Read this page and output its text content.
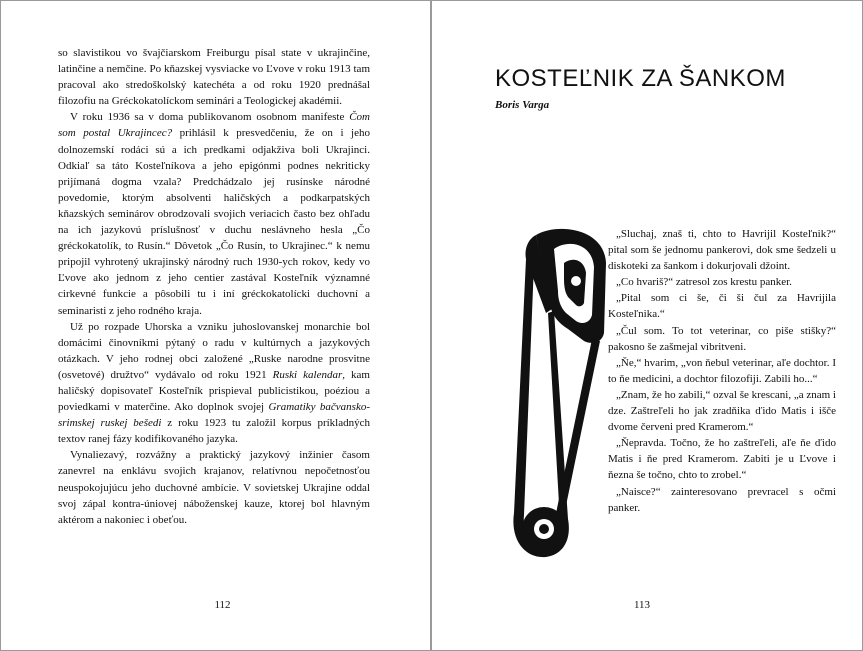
so slavistikou vo švajčiarskom Freiburgu písal state v ukrajinčine, latinčine a nemčine. Po kňazskej vysviacke vo Ľvove v roku 1913 tam pracoval ako stredoškolský katechéta a od roku 1920 prednášal filozofiu na Gréckokatolíckom seminári a Teologickej akadémii.

V roku 1936 sa v doma publikovanom osobnom manifeste Čom som postal Ukrajincec? prihlásil k presvedčeniu, že on i jeho dolnozemskí rodáci sú a ich predkami odjakživa boli Ukrajinci. Odkiaľ sa táto Kosteľníkova a jeho epigónmi podnes nekriticky prijímaná dogma vzala? Predchádzalo jej rusínske národné povedomie, ktorým absolventi haličských a podkarpatských kňazských seminárov obrodzovali svojich veriacich často bez ohľadu na ich jazykovú príslušnosť v duchu neslávneho hesla „Čo gréckokatolík, to Rusín.“ Dôvetok „Čo Rusín, to Ukrajinec.“ k nemu pripojil vyhrotený ukrajinský národný ruch 1930-ych rokov, kedy vo Ľvove ako jednom z jeho centier zastával Kosteľník významné cirkevné funkcie a pôsobili tu i iní gréckokatolícki duchovní a seminaristi z jeho rodného kraja.

Už po rozpade Uhorska a vzniku juhoslovanskej monarchie bol domácimi činovníkmi pýtaný o radu v kultúrnych a jazykových otázkach. V jeho rodnej obci založené „Ruske narodne prosvitne (osvetové) družtvo“ vydávalo od roku 1921 Ruski kalendar, kam haličský dopisovateľ Kosteľník prispieval publicistikou, poéziou a poviedkami v materčine. Ako doplnok svojej Gramatiky bačvansko-srimskej ruskej bešedi z roku 1923 tu založil korpus príkladných textov ranej fázy kodifikovaného jazyka.

Vynaliezavý, rozvážny a praktický jazykový inžinier časom zanevrel na enklávu svojich krajanov, relatívnou nepočetnosťou neuspokojujúcu jeho duchovné ambície. V sovietskej Ukrajine oddal svoj zápal kontra-úniovej náboženskej kauze, ktorej bol hlavným aktérom a nakoniec i obeťou.

112
KOSTEĽNIK ZA ŠANKOM
Boris Varga

„Sluchaj, znaš ti, chto to Havrijil Kosteľnik?“ pital som še jednomu pankerovi, dok sme šedzeli u diskoteki za šankom i dokurjovali džoint.

„Co hvariš?“ zatresol zos krestu panker.

„Pital som ci še, či ši čul za Havrijila Kosteľnika.“

„Čul som. To tot veterinar, co piše stišky?“ pakosno še zašmejal vibritveni.

„Ňe,“ hvarim, „von ňebul veterinar, aľe dochtor. I to ňe medicini, a dochtor filozofiji. Zabili ho...“

„Znam, že ho zabili,“ ozval še krescani, „a znam i dze. Zaštreľeli ho jak zradňika ďido Matis i išče dvome červeni pred Kramerom.“

„Ňepravda. Točno, že ho zaštreľeli, aľe ňe ďido Matis i ňe pred Kramerom. Zabiti je u Ľvove i ňezna še točno, chto to zrobel.“

„Naisce?“ zainteresovano prevracel s očmi panker.

113
